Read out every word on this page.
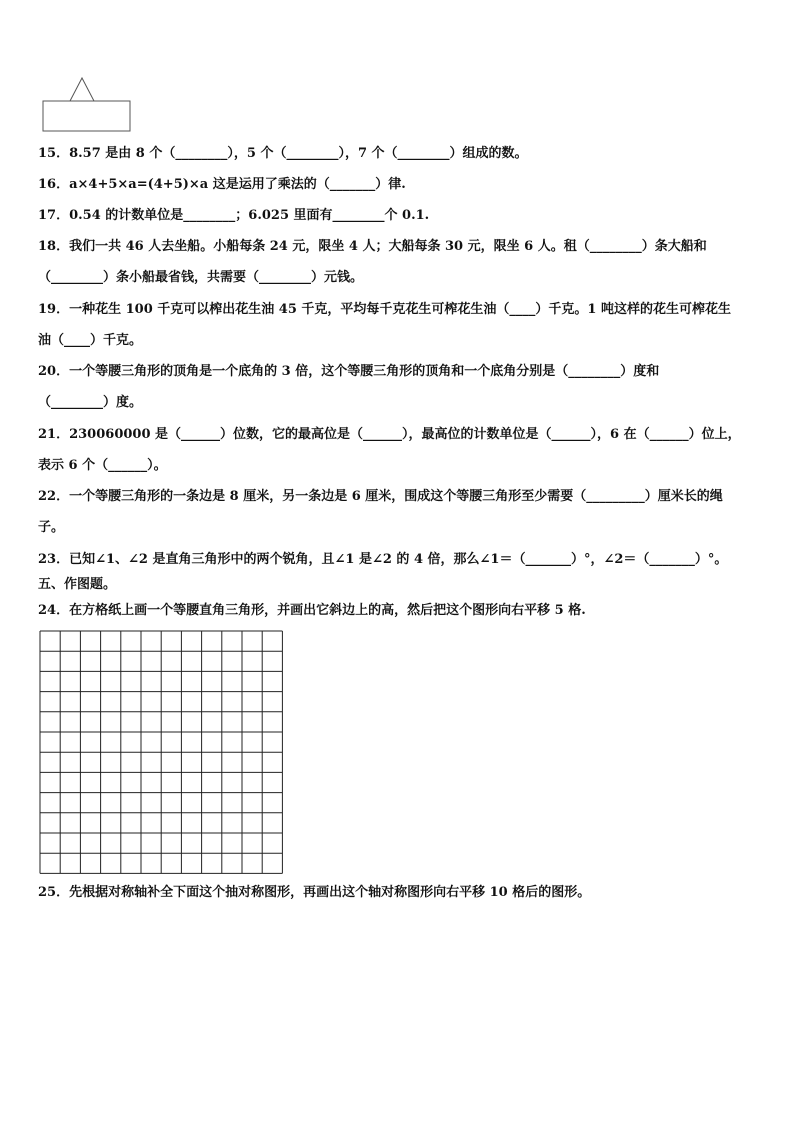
15．8.57 是由 8 个（________），5 个（________），7 个（________）组成的数。
16．a×4+5×a=(4+5)×a 这是运用了乘法的（_______）律.
17．0.54 的计数单位是________；6.025 里面有________个 0.1.
18．我们一共 46 人去坐船。小船每条 24 元，限坐 4 人；大船每条 30 元，限坐 6 人。租（________）条大船和
（________）条小船最省钱，共需要（________）元钱。
19．一种花生 100 千克可以榨出花生油 45 千克，平均每千克花生可榨花生油（____）千克。1 吨这样的花生可榨花生
油（____）千克。
20．一个等腰三角形的顶角是一个底角的 3 倍，这个等腰三角形的顶角和一个底角分别是（________）度和
（________）度。
21．230060000 是（______）位数，它的最高位是（______），最高位的计数单位是（______），6 在（______）位上，
表示 6 个（______）。
22．一个等腰三角形的一条边是 8 厘米，另一条边是 6 厘米，围成这个等腰三角形至少需要（_________）厘米长的绳
子。
23．已知∠1、∠2 是直角三角形中的两个锐角，且∠1 是∠2 的 4 倍，那么∠1＝（_______）°，∠2＝（_______）°。
五、作图题。
24．在方格纸上画一个等腰直角三角形，并画出它斜边上的高，然后把这个图形向右平移 5 格.
25．先根据对称轴补全下面这个抽对称图形，再画出这个轴对称图形向右平移 10 格后的图形。
